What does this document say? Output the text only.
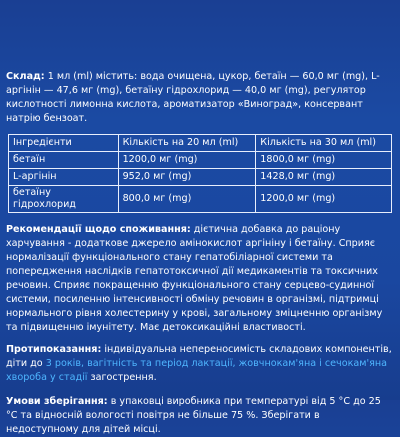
Склад: 1 мл (ml) містить: вода очищена, цукор, бетаїн — 60,0 мг (mg), L-аргінін — 47,6 мг (mg), бетаїну гідрохлорид — 40,0 мг (mg), регулятор кислотності лимонна кислота, ароматизатор «Виноград», консервант натрію бензоат.

Інгредієнти	Кількість на 20 мл (ml)	Кількість на 30 мл (ml)
бетаїн	1200,0 мг (mg)	1800,0 мг (mg)
L-аргінін	952,0 мг (mg)	1428,0 мг (mg)
бетаїну гідрохлорид	800,0 мг (mg)	1200,0 мг (mg)

Рекомендації щодо споживання: дієтична добавка до раціону харчування - додаткове джерело амінокислот аргініну і бетаїну. Сприяє нормалізації функціонального стану гепатобіліарної системи та попередження наслідків гепатотоксичної дії медикаментів та токсичних речовин. Сприяє покращенню функціонального стану серцево-судинної системи, посиленню інтенсивності обміну речовин в організмі, підтримці нормального рівня холестерину у крові, загальному зміцненню організму та підвищенню імунітету. Має детоксикаційні властивості.

Протипоказання: індивідуальна непереносимість складових компонентів, діти до 3 років, вагітність та період лактації, жовчнокам'яна і сечокам'яна хвороба у стадії загострення.

Умови зберігання: в упаковці виробника при температурі від 5 °С до 25 °С та відносній вологості повітря не більше 75 %. Зберігати в недоступному для дітей місці.
